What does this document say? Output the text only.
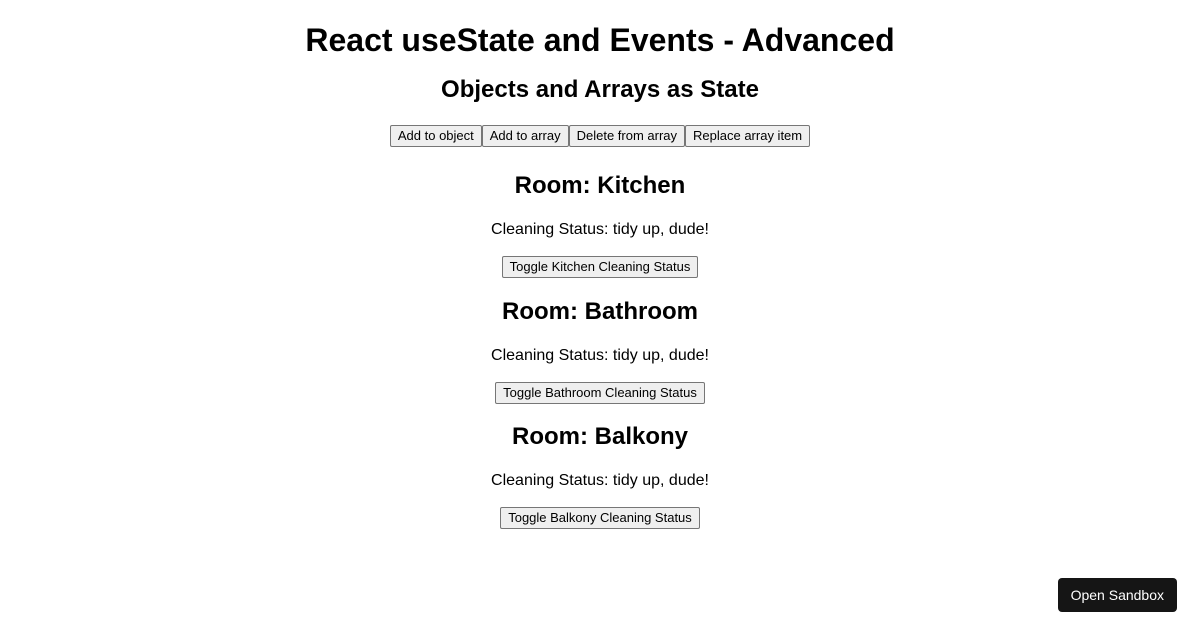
React useState and Events - Advanced
Objects and Arrays as State
Add to object	Add to array	Delete from array	Replace array item
Room: Kitchen

Cleaning Status: tidy up, dude!

Toggle Kitchen Cleaning Status
Room: Bathroom

Cleaning Status: tidy up, dude!

Toggle Bathroom Cleaning Status
Room: Balkony

Cleaning Status: tidy up, dude!

Toggle Balkony Cleaning Status
Open Sandbox
